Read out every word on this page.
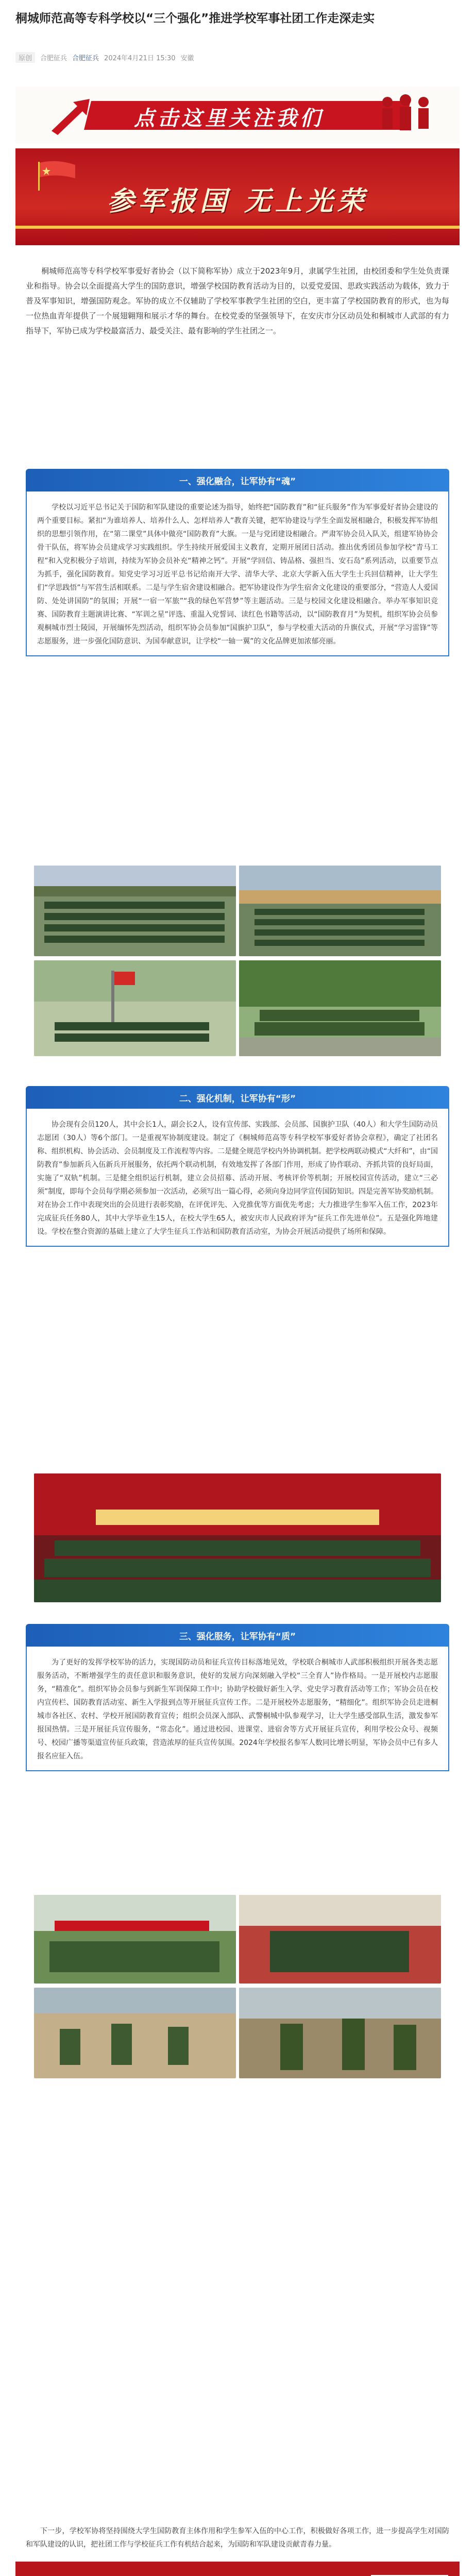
桐城师范高等专科学校以“三个强化”推进学校军事社团工作走深走实
原创	合肥征兵 合肥征兵 2024年4月21日 15:30 安徽
点击这里关注我们
参军报国 无上光荣

桐城师范高等专科学校军事爱好者协会（以下简称军协）成立于2023年9月，隶属学生社团，由校团委和学生处负责课业和指导。协会以全面提高大学生的国防意识，增强学校国防教育活动为目的，以爱党爱国、思政实践活动为载体，致力于普及军事知识，增强国防观念。军协的成立不仅辅助了学校军事教学生社团的空白，更丰富了学校国防教育的形式，也为每一位热血青年提供了一个展翅翱翔和展示才华的舞台。在校党委的坚强领导下，在安庆市分区动员处和桐城市人武部的有力指导下，军协已成为学校最富活力、最受关注、最有影响的学生社团之一。

一、强化融合，让军协有“魂”

学校以习近平总书记关于国防和军队建设的重要论述为指导，始终把“国防教育”和“征兵服务”作为军事爱好者协会建设的两个重要目标。紧扣“为谁培养人、培养什么人、怎样培养人”教育关键，把军协建设与学生全面发展相融合，积极发挥军协组织的思想引领作用，在“第二课堂”具体中做亮“国防教育”大旗。一是与党团建设相融合。严肃军协会员入队关，组建军协协会骨干队伍，将军协会员建成学习实践组织。学生持续开展爱国主义教育，定期开展团日活动。推出优秀团员参加学校“青马工程”和入党积极分子培训，持续为军协会员补充“精神之钙”。开展“学回信、铸品格、强担当、安石岛”系列活动，以重要节点为抓手，强化国防教育。知党史学习习近平总书记给南开大学、清华大学、北京大学新入伍大学生士兵回信精神，让大学生们“学思践悟”与军营生活相联系。二是与学生宿舍建设相融合。把军协建设作为学生宿舍文化建设的重要部分，“营造人人爱国防、处处讲国防”的氛围；开展“一宿一军旅”“我的绿色军营梦”等主题活动。三是与校园文化建设相融合。举办军事知识竞赛、国防教育主题演讲比赛、“军训之星”评选、重温入党誓词、读红色书籍等活动，以“国防教育月”为契机，组织军协会员参观桐城市烈士陵园，开展缅怀先烈活动，组织军协会员参加“国旗护卫队”，参与学校重大活动的升旗仪式，开展“学习雷锋”等志愿服务，进一步强化国防意识、为国奉献意识，让学校“一轴一翼”的文化品牌更加浓郁亮丽。

二、强化机制，让军协有“形”

协会现有会员120人，其中会长1人，副会长2人，设有宣传部、实践部、会员部、国旗护卫队（40人）和大学生国防动员志愿团（30人）等6个部门。一是重视军协制度建设。制定了《桐城师范高等专科学校军事爱好者协会章程》，确定了社团名称、组织机构、协会活动、会员制度及工作流程等内容。二是健全规范学校内外协调机制。把学校两联动模式“大纤和”，由“国防教育”参加新兵入伍新兵开展服务，依托两个联动机制，有效地发挥了各部门作用，形成了协作联动、齐抓共管的良好局面，实施了“双轨”机制。三是健全组织运行机制，建立会员招募、活动开展、考核评价等机制；开展校园宣传活动，建立“三必须”制度，即每个会员每学期必须参加一次活动，必须写出一篇心得，必须向身边同学宣传国防知识。四是完善军协奖励机制。对在协会工作中表现突出的会员进行表彰奖励，在评优评先、入党推优等方面优先考虑；大力推进学生参军入伍工作，2023年完成征兵任务80人，其中大学毕业生15人，在校大学生65人，被安庆市人民政府评为“征兵工作先进单位”。五是强化阵地建设。学校在整合资源的基础上建立了大学生征兵工作站和国防教育活动室，为协会开展活动提供了场所和保障。

三、强化服务，让军协有“质”

为了更好的发挥学校军协的活力，实现国防动员和征兵宣传目标落地见效，学校联合桐城市人武部积极组织开展各类志愿服务活动，不断增强学生的责任意识和服务意识，使好的发展方向深刻融入学校“三全育人”协作格局。一是开展校内志愿服务，“精准化”。组织军协会员参与到新生军训保障工作中；协助学校做好新生入学、党史学习教育活动等工作；军协会员在校内宣传栏、国防教育活动室、新生入学报到点等开展征兵宣传工作。二是开展校外志愿服务，“精细化”。组织军协会员走进桐城市各社区、农村、学校开展国防教育宣传；组织会员深入部队、武警桐城中队参观学习，让大学生感受部队生活，激发参军报国热情。三是开展征兵宣传服务，“常态化”。通过进校园、进课堂、进宿舍等方式开展征兵宣传，利用学校公众号、视频号、校园广播等渠道宣传征兵政策，营造浓厚的征兵宣传氛围。2024年学校报名参军人数同比增长明显，军协会员中已有多人报名应征入伍。

下一步，学校军协将坚持围绕大学生国防教育主体作用和学生参军入伍的中心工作，积极做好各项工作，进一步提高学生对国防和军队建设的认识，把社团工作与学校征兵工作有机结合起来，为国防和军队建设贡献青春力量。
